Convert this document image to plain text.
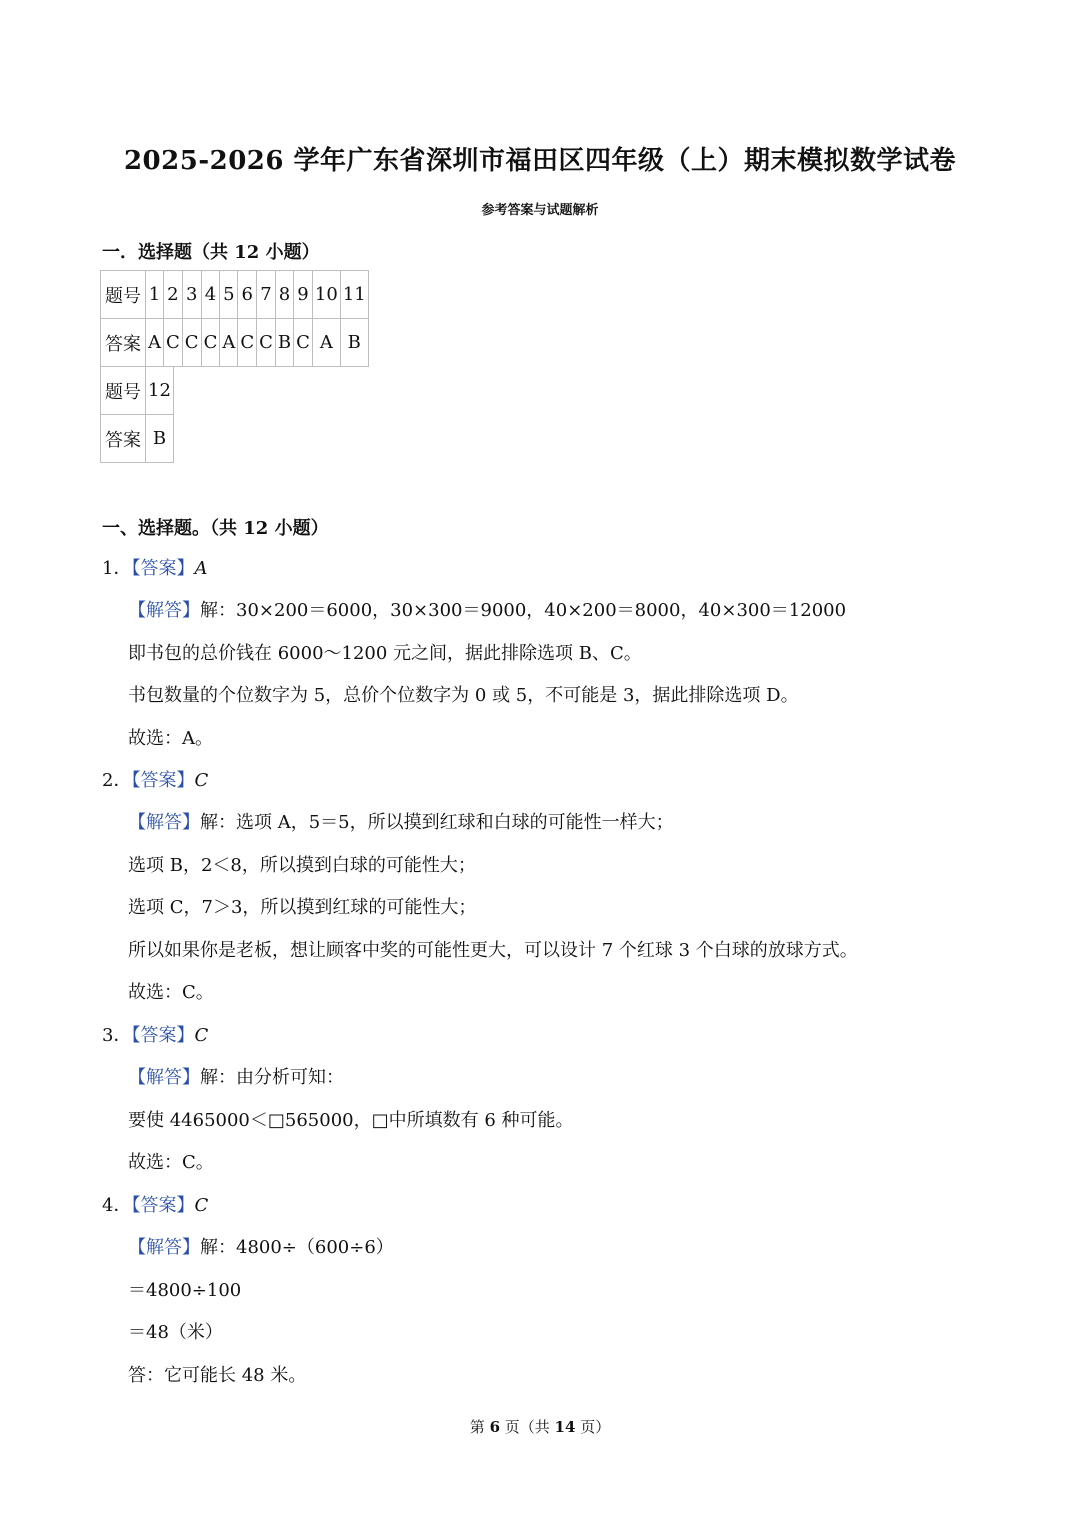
2025-2026 学年广东省深圳市福田区四年级（上）期末模拟数学试卷
参考答案与试题解析
一．选择题（共 12 小题）
题号	1	2	3	4	5	6	7	8	9	10	11
答案	A	C	C	C	A	C	C	B	C	A	B
题号	12
答案	B
一、选择题。（共 12 小题）
1．【答案】A
【解答】解：30×200＝6000，30×300＝9000，40×200＝8000，40×300＝12000
即书包的总价钱在 6000～1200 元之间，据此排除选项 B、C。
书包数量的个位数字为 5，总价个位数字为 0 或 5，不可能是 3，据此排除选项 D。
故选：A。
2．【答案】C
【解答】解：选项 A，5＝5，所以摸到红球和白球的可能性一样大；
选项 B，2＜8，所以摸到白球的可能性大；
选项 C，7＞3，所以摸到红球的可能性大；
所以如果你是老板，想让顾客中奖的可能性更大，可以设计 7 个红球 3 个白球的放球方式。
故选：C。
3．【答案】C
【解答】解：由分析可知：
要使 4465000＜□565000，□中所填数有 6 种可能。
故选：C。
4．【答案】C
【解答】解：4800÷（600÷6）
＝4800÷100
＝48（米）
答：它可能长 48 米。
第 6 页（共 14 页）
